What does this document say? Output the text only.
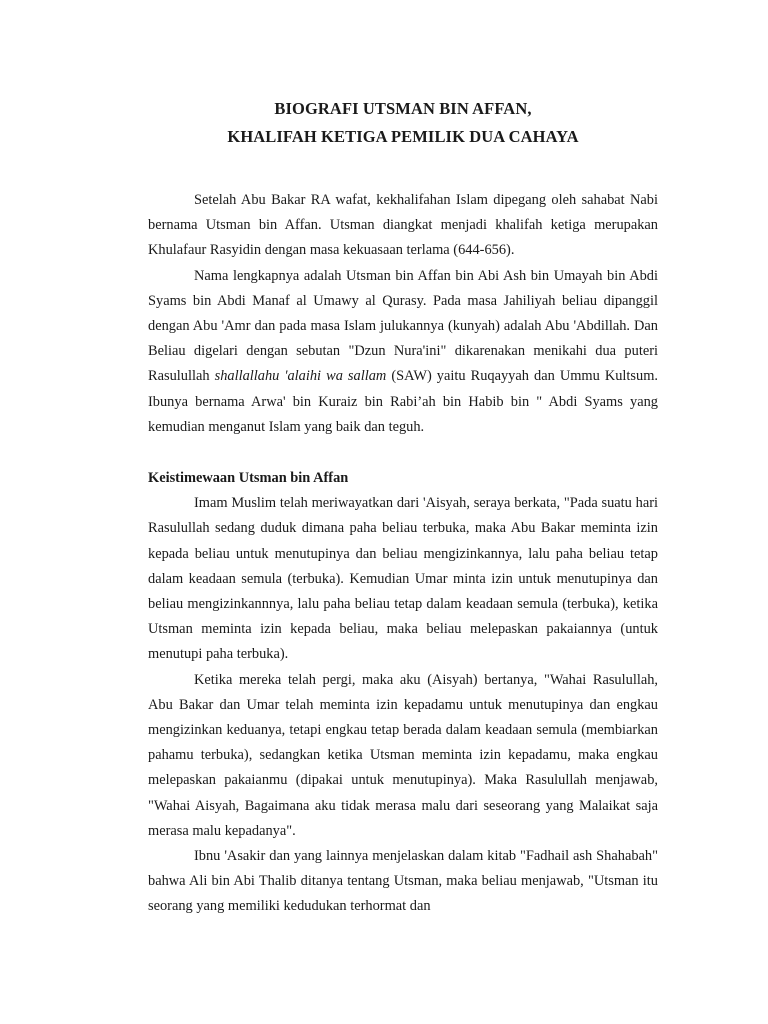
BIOGRAFI UTSMAN BIN AFFAN,
KHALIFAH KETIGA PEMILIK DUA CAHAYA

Setelah Abu Bakar RA wafat, kekhalifahan Islam dipegang oleh sahabat Nabi bernama Utsman bin Affan. Utsman diangkat menjadi khalifah ketiga merupakan Khulafaur Rasyidin dengan masa kekuasaan terlama (644-656).

Nama lengkapnya adalah Utsman bin Affan bin Abi Ash bin Umayah bin Abdi Syams bin Abdi Manaf al Umawy al Qurasy. Pada masa Jahiliyah beliau dipanggil dengan Abu 'Amr dan pada masa Islam julukannya (kunyah) adalah Abu 'Abdillah. Dan Beliau digelari dengan sebutan "Dzun Nura'ini" dikarenakan menikahi dua puteri Rasulullah shallallahu 'alaihi wa sallam (SAW) yaitu Ruqayyah dan Ummu Kultsum. Ibunya bernama Arwa' bin Kuraiz bin Rabi’ah bin Habib bin " Abdi Syams yang kemudian menganut Islam yang baik dan teguh.

Keistimewaan Utsman bin Affan

Imam Muslim telah meriwayatkan dari 'Aisyah, seraya berkata, "Pada suatu hari Rasulullah sedang duduk dimana paha beliau terbuka, maka Abu Bakar meminta izin kepada beliau untuk menutupinya dan beliau mengizinkannya, lalu paha beliau tetap dalam keadaan semula (terbuka). Kemudian Umar minta izin untuk menutupinya dan beliau mengizinkannnya, lalu paha beliau tetap dalam keadaan semula (terbuka), ketika Utsman meminta izin kepada beliau, maka beliau melepaskan pakaiannya (untuk menutupi paha terbuka).

Ketika mereka telah pergi, maka aku (Aisyah) bertanya, "Wahai Rasulullah, Abu Bakar dan Umar telah meminta izin kepadamu untuk menutupinya dan engkau mengizinkan keduanya, tetapi engkau tetap berada dalam keadaan semula (membiarkan pahamu terbuka), sedangkan ketika Utsman meminta izin kepadamu, maka engkau melepaskan pakaianmu (dipakai untuk menutupinya). Maka Rasulullah menjawab, "Wahai Aisyah, Bagaimana aku tidak merasa malu dari seseorang yang Malaikat saja merasa malu kepadanya".

Ibnu 'Asakir dan yang lainnya menjelaskan dalam kitab "Fadhail ash Shahabah" bahwa Ali bin Abi Thalib ditanya tentang Utsman, maka beliau menjawab, "Utsman itu seorang yang memiliki kedudukan terhormat dan
